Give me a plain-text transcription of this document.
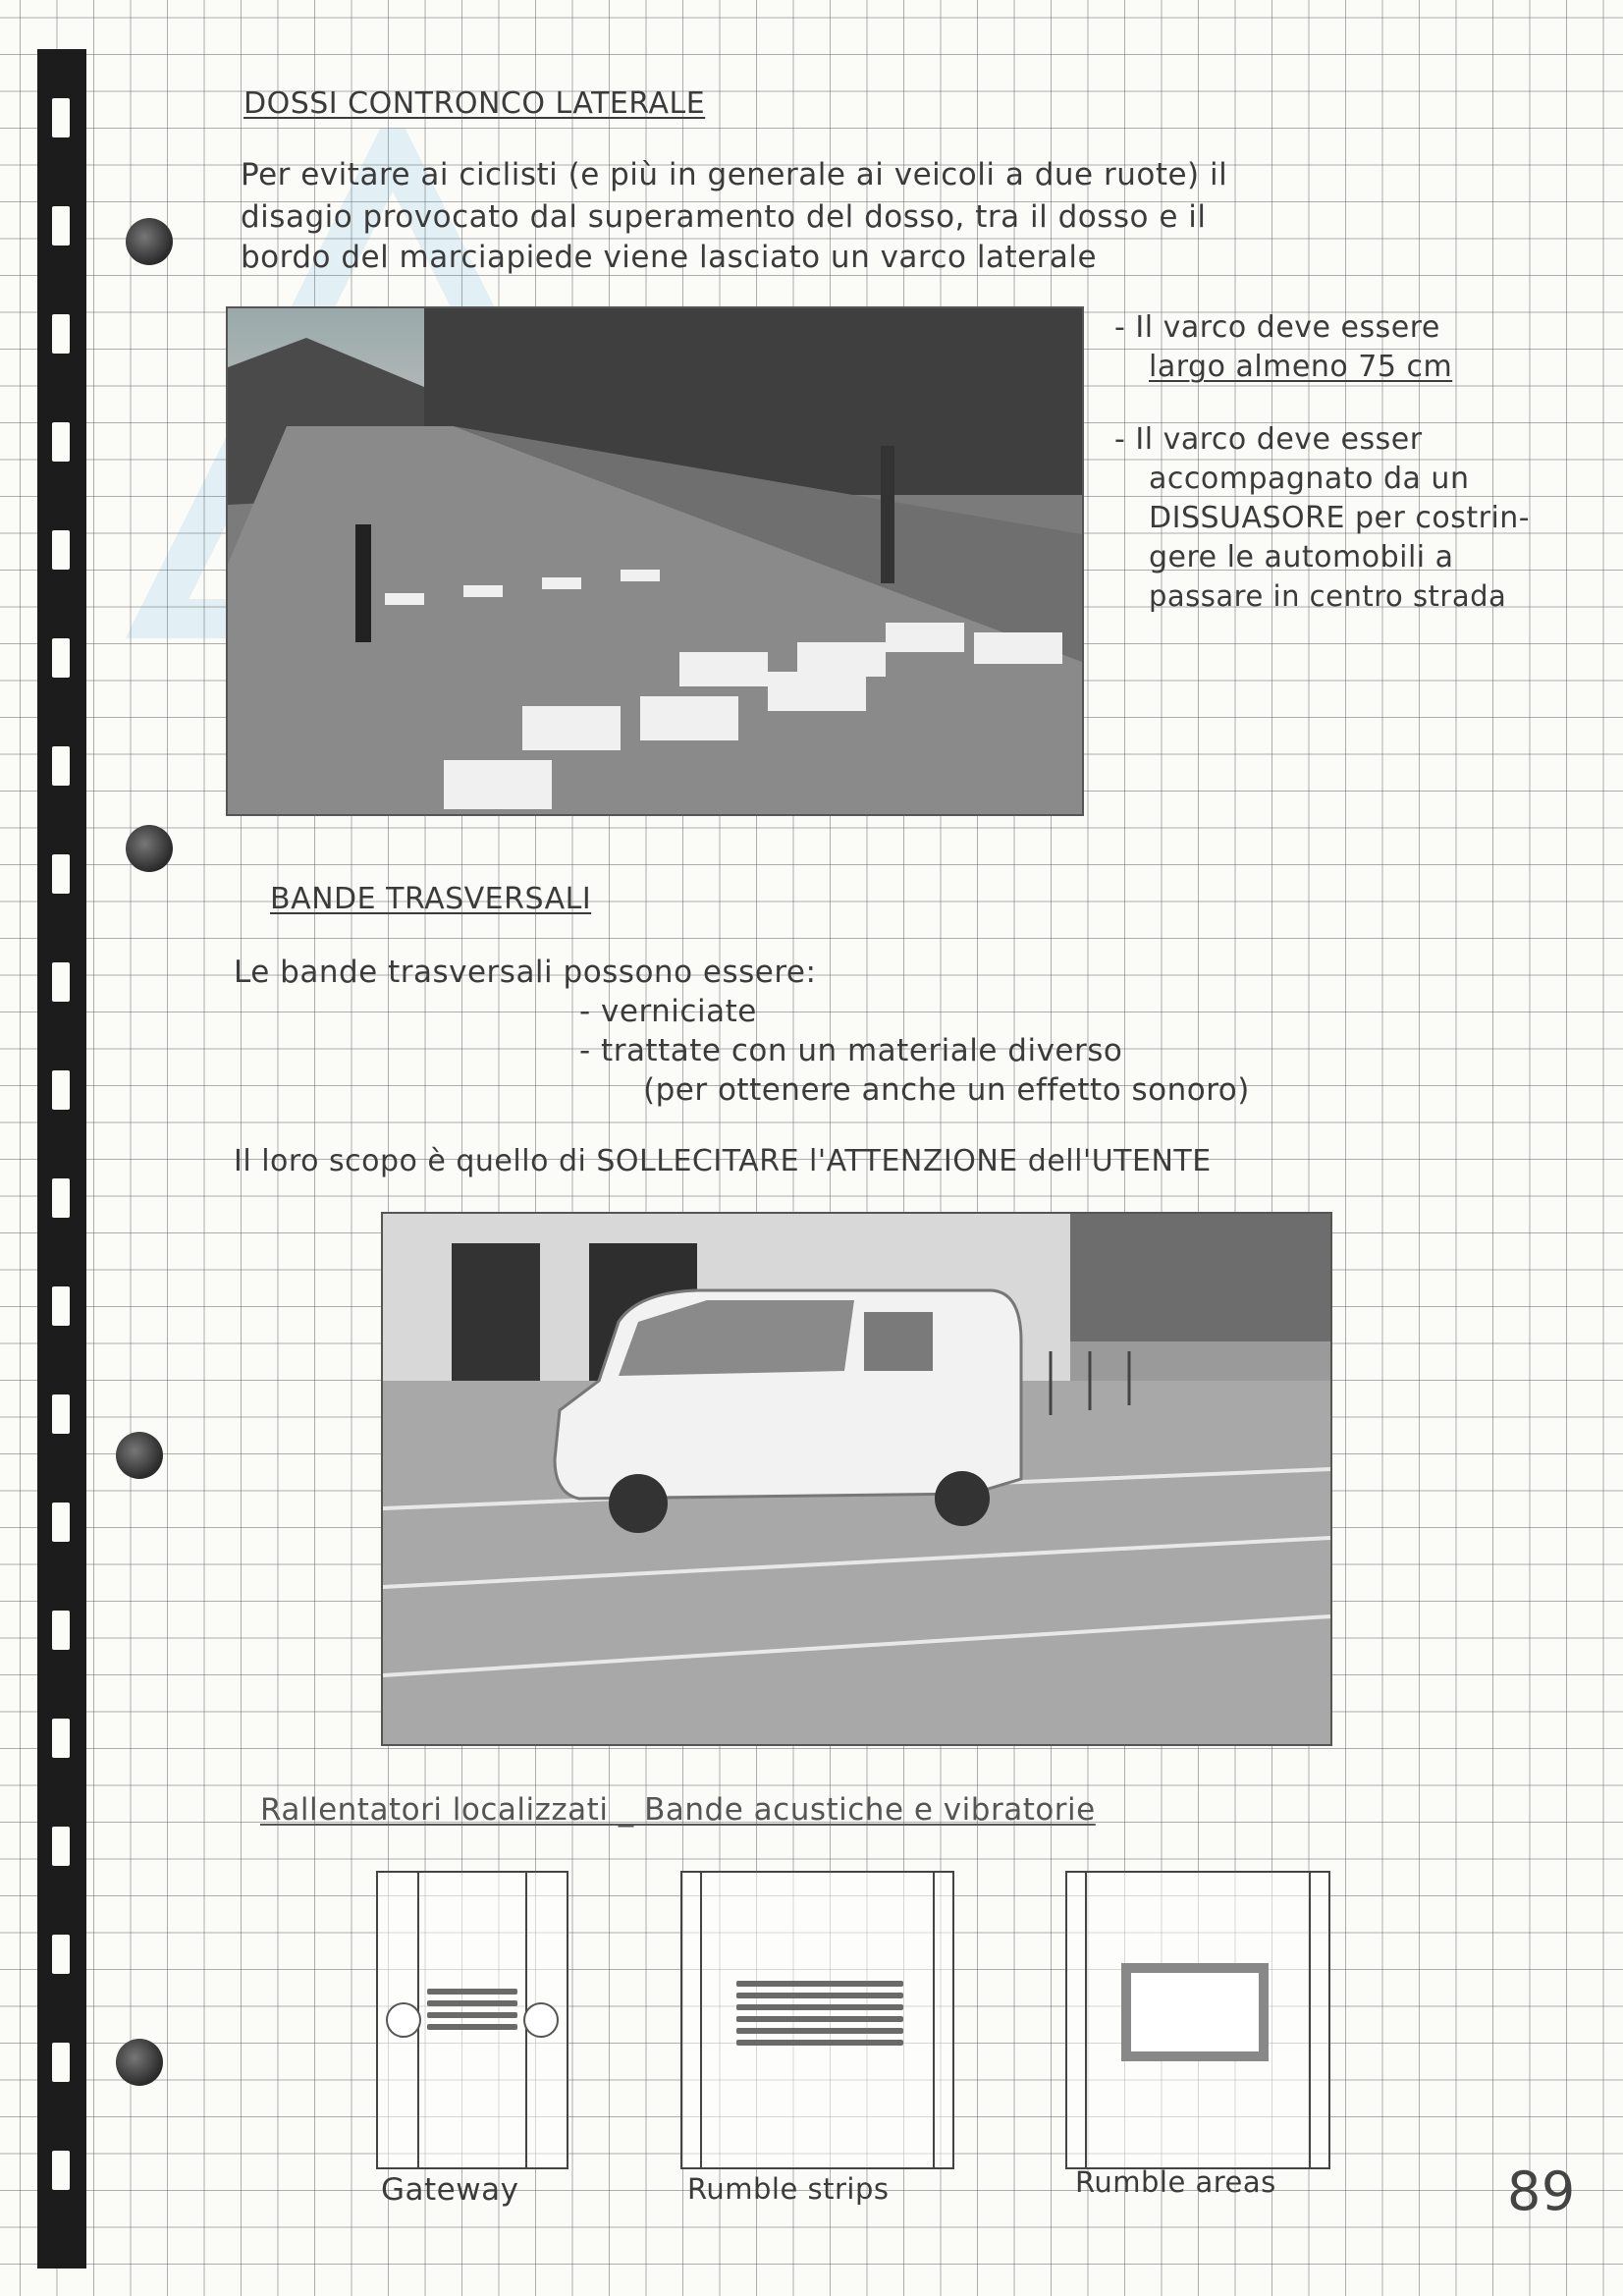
DOSSI CONTRONCO LATERALE
Per evitare ai ciclisti (e più in generale ai veicoli a due ruote) il
disagio provocato dal superamento del dosso, tra il dosso e il
bordo del marciapiede viene lasciato un varco laterale
- Il varco deve essere
largo almeno 75 cm
- Il varco deve esser
accompagnato da un
DISSUASORE per costrin-
gere le automobili a
passare in centro strada
BANDE TRASVERSALI
Le bande trasversali possono essere:
- verniciate
- trattate con un materiale diverso
(per ottenere anche un effetto sonoro)
Il loro scopo è quello di SOLLECITARE l'ATTENZIONE dell'UTENTE
Rallentatori localizzati _ Bande acustiche e vibratorie
Gateway	Rumble strips	Rumble areas	89
